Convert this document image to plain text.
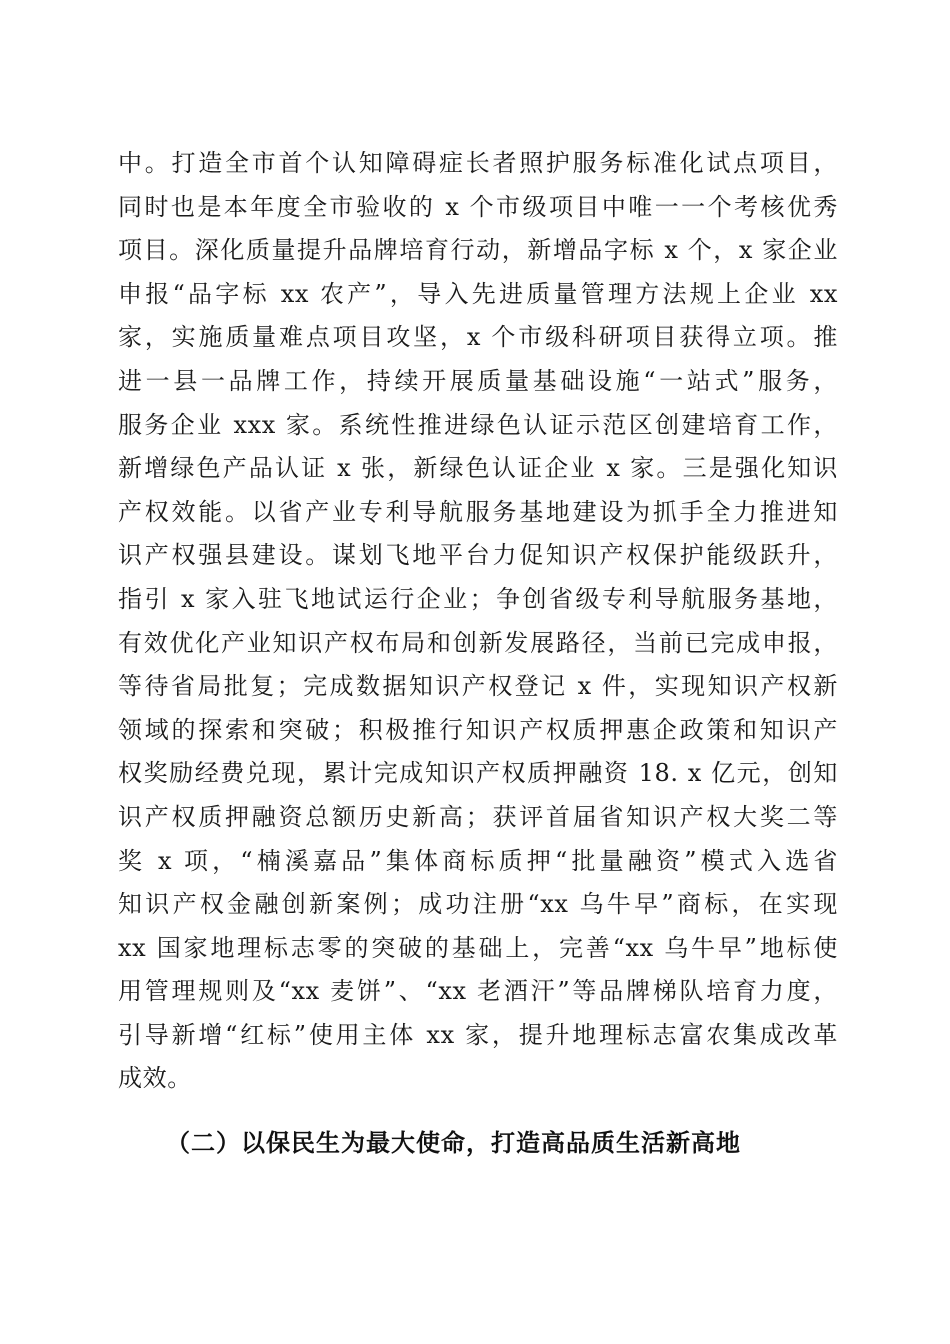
中。打造全市首个认知障碍症长者照护服务标准化试点项目，
同时也是本年度全市验收的 x 个市级项目中唯一一个考核优秀
项目。深化质量提升品牌培育行动，新增品字标 x 个，x 家企业
申报“品字标 xx 农产”，导入先进质量管理方法规上企业 xx
家，实施质量难点项目攻坚，x 个市级科研项目获得立项。推
进一县一品牌工作，持续开展质量基础设施“一站式”服务，
服务企业 xxx 家。系统性推进绿色认证示范区创建培育工作，
新增绿色产品认证 x 张，新绿色认证企业 x 家。三是强化知识
产权效能。以省产业专利导航服务基地建设为抓手全力推进知
识产权强县建设。谋划飞地平台力促知识产权保护能级跃升，
指引 x 家入驻飞地试运行企业；争创省级专利导航服务基地，
有效优化产业知识产权布局和创新发展路径，当前已完成申报，
等待省局批复；完成数据知识产权登记 x 件，实现知识产权新
领域的探索和突破；积极推行知识产权质押惠企政策和知识产
权奖励经费兑现，累计完成知识产权质押融资 18. x 亿元，创知
识产权质押融资总额历史新高；获评首届省知识产权大奖二等
奖 x 项，“楠溪嘉品”集体商标质押“批量融资”模式入选省
知识产权金融创新案例；成功注册“xx 乌牛早”商标，在实现
xx 国家地理标志零的突破的基础上，完善“xx 乌牛早”地标使
用管理规则及“xx 麦饼”、“xx 老酒汗”等品牌梯队培育力度，
引导新增“红标”使用主体 xx 家，提升地理标志富农集成改革
成效。
（二）以保民生为最大使命，打造高品质生活新高地
